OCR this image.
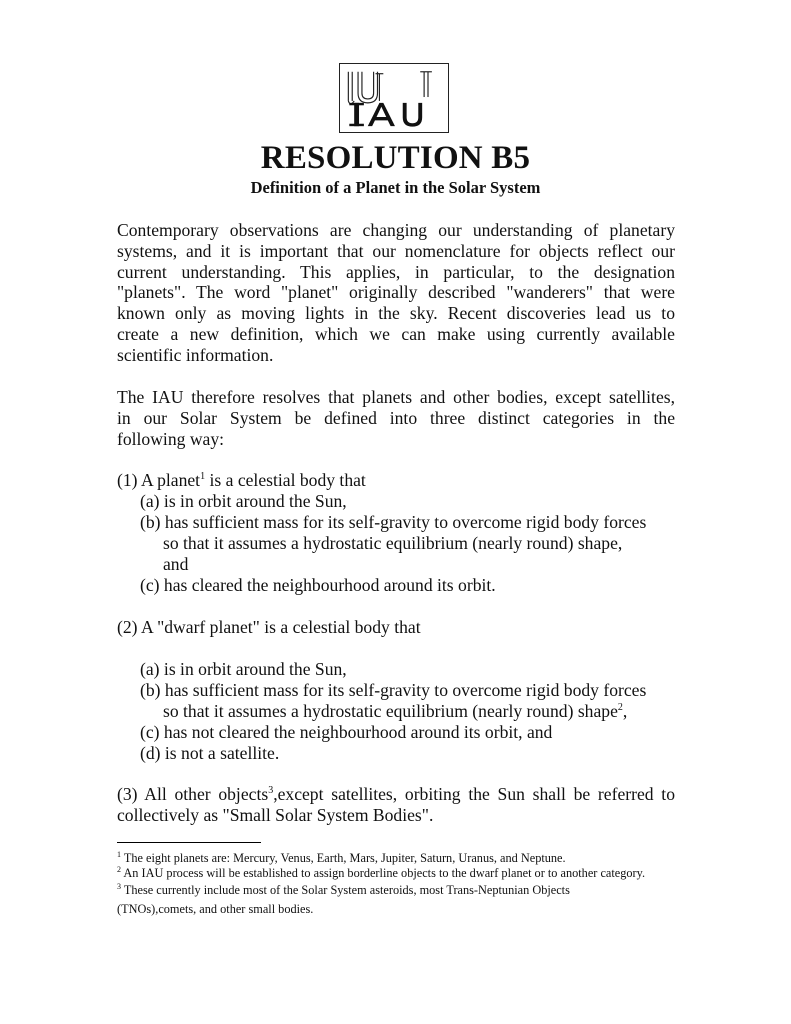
RESOLUTION B5
Definition of a Planet in the Solar System
Contemporary observations are changing our understanding of planetary
systems, and it is important that our nomenclature for objects reflect our
current understanding. This applies, in particular, to the designation
"planets". The word "planet" originally described "wanderers" that were
known only as moving lights in the sky. Recent discoveries lead us to
create a new definition, which we can make using currently available
scientific information.
The IAU therefore resolves that planets and other bodies, except satellites,
in our Solar System be defined into three distinct categories in the
following way:
(1) A planet$^1$ is a celestial body that
(a) is in orbit around the Sun,
(b) has sufficient mass for its self-gravity to overcome rigid body forces
so that it assumes a hydrostatic equilibrium (nearly round) shape,
and
(c) has cleared the neighbourhood around its orbit.
(2) A "dwarf planet" is a celestial body that
(a) is in orbit around the Sun,
(b) has sufficient mass for its self-gravity to overcome rigid body forces
so that it assumes a hydrostatic equilibrium (nearly round) shape$^2$,
(c) has not cleared the neighbourhood around its orbit, and
(d) is not a satellite.
(3) All other objects$^3$,except satellites, orbiting the Sun shall be referred to
collectively as "Small Solar System Bodies".
$^1$ The eight planets are: Mercury, Venus, Earth, Mars, Jupiter, Saturn, Uranus, and Neptune.
$^2$ An IAU process will be established to assign borderline objects to the dwarf planet or to another category.
$^3$ These currently include most of the Solar System asteroids, most Trans-Neptunian Objects
(TNOs),comets, and other small bodies.
